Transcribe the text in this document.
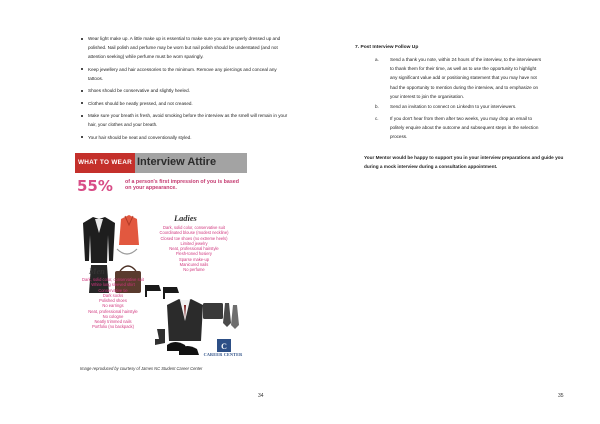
Wear light make up. A little make up is essential to make sure you are properly dressed up and polished. Nail polish and perfume may be worn but nail polish should be understated (and not attention seeking) while perfume must be worn sparingly.
Keep jewellery and hair accessories to the minimum. Remove any piercings and conceal any tattoos.
Shoes should be conservative and slightly heeled.
Clothes should be neatly pressed, and not creased.
Make sure your breath is fresh, avoid smoking before the interview as the smell will remain in your hair, your clothes and your breath.
Your hair should be neat and conventionally styled.
WHAT TO WEAR Interview Attire
55% of a person's first impression of you is based on your appearance.
Ladies
Dark, solid color, conservative suit
Coordinated blouse (modest neckline)
Closed toe shoes (no extreme heels)
Limited jewelry
Neat, professional hairstyle
Flesh-toned hosiery
Sparse make-up
Manicured nails
No perfume
Men
Dark, solid color, conservative suit
White long sleeved shirt
Conservative tie
Dark socks
Polished shoes
No earrings
Neat, professional hairstyle
No cologne
Neatly trimmed nails
Portfolio (no backpack)
C
CAREER CENTER
Image reproduced by courtesy of James NC Student Career Center
34
7. Post Interview Follow Up
a. Send a thank you note, within 24 hours of the interview, to the interviewers
to thank them for their time, as well as to use the opportunity to highlight
any significant value add or positioning statement that you may have not
had the opportunity to mention during the interview, and to emphasize on
your interest to join the organisation.
b. Send an invitation to connect on LinkedIn to your interviewers.
c. If you don't hear from them after two weeks, you may drop an email to
politely enquire about the outcome and subsequent steps in the selection
process.
Your Mentor would be happy to support you in your interview preparations and guide you during a mock interview during a consultation appointment.
35
